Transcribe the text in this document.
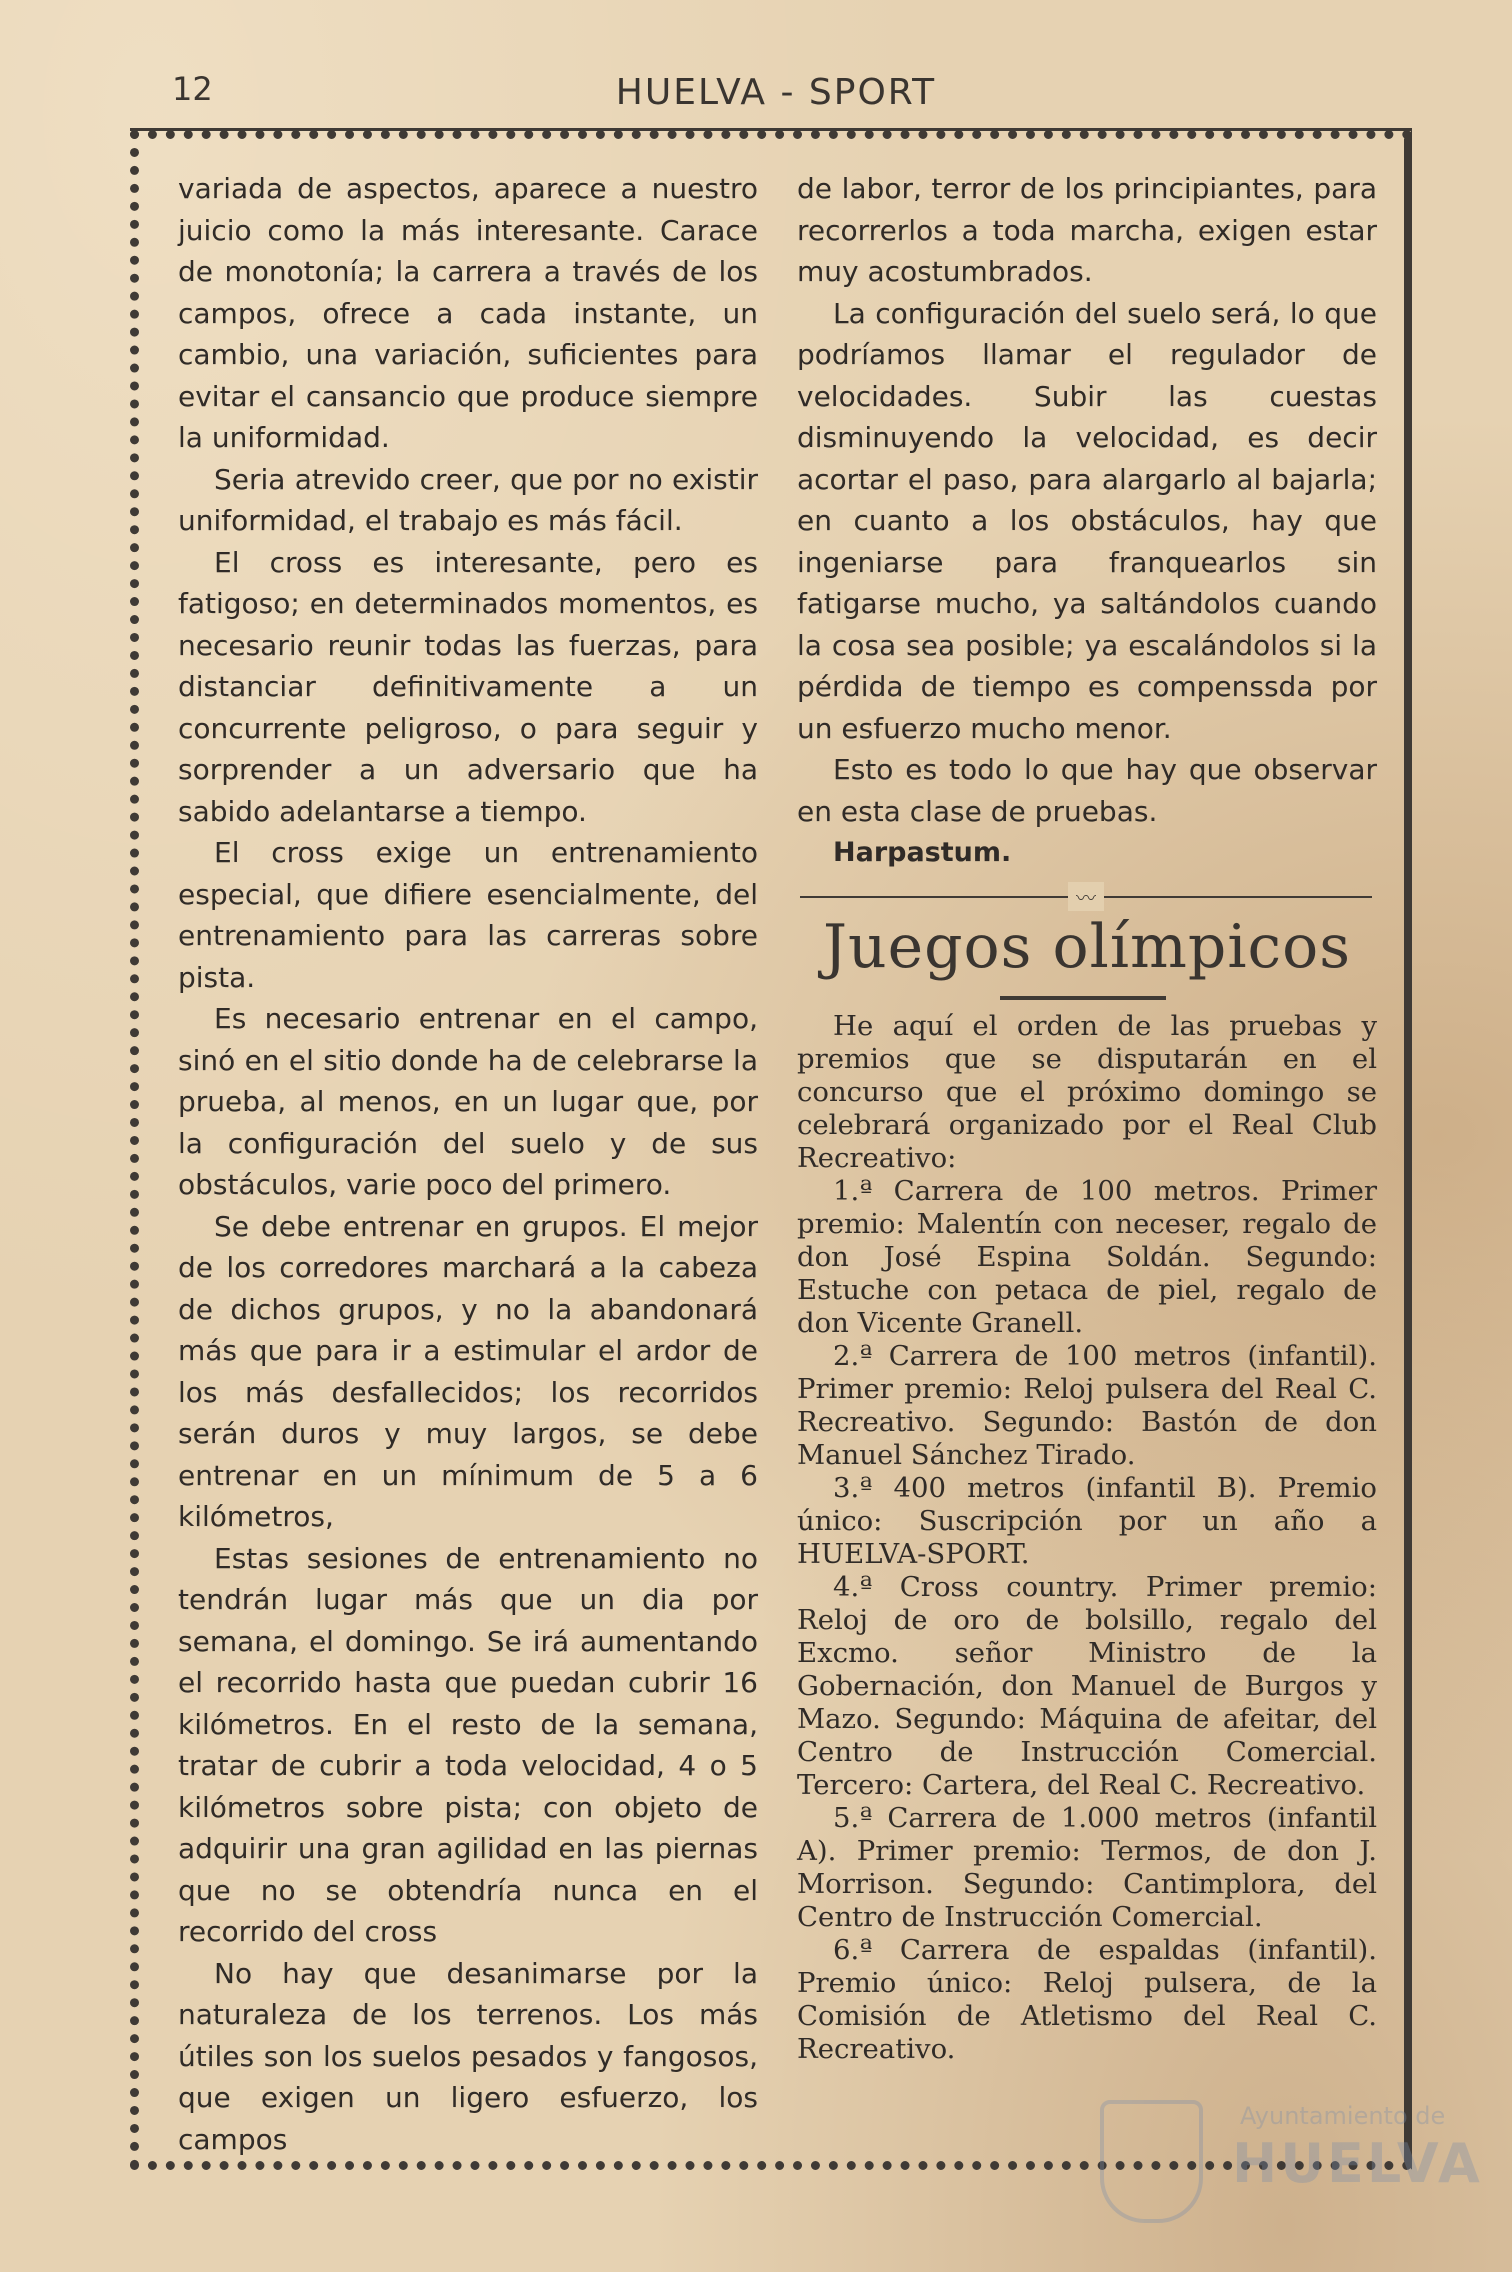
12	HUELVA - SPORT

variada de aspectos, aparece a nuestro juicio como la más interesante. Carace de monotonía; la carrera a través de los campos, ofrece a cada instante, un cambio, una variación, suficientes para evitar el cansancio que produce siempre la uniformidad.

Seria atrevido creer, que por no existir uniformidad, el trabajo es más fácil.

El cross es interesante, pero es fatigoso; en determinados momentos, es necesario reunir todas las fuerzas, para distanciar definitivamente a un concurrente peligroso, o para seguir y sorprender a un adversario que ha sabido adelantarse a tiempo.

El cross exige un entrenamiento especial, que difiere esencialmente, del entrenamiento para las carreras sobre pista.

Es necesario entrenar en el campo, sinó en el sitio donde ha de celebrarse la prueba, al menos, en un lugar que, por la configuración del suelo y de sus obstáculos, varie poco del primero.

Se debe entrenar en grupos. El mejor de los corredores marchará a la cabeza de dichos grupos, y no la abandonará más que para ir a estimular el ardor de los más desfallecidos; los recorridos serán duros y muy largos, se debe entrenar en un mínimum de 5 a 6 kilómetros,

Estas sesiones de entrenamiento no tendrán lugar más que un dia por semana, el domingo. Se irá aumentando el recorrido hasta que puedan cubrir 16 kilómetros. En el resto de la semana, tratar de cubrir a toda velocidad, 4 o 5 kilómetros sobre pista; con objeto de adquirir una gran agilidad en las piernas que no se obtendría nunca en el recorrido del cross

No hay que desanimarse por la naturaleza de los terrenos. Los más útiles son los suelos pesados y fangosos, que exigen un ligero esfuerzo, los campos

de labor, terror de los principiantes, para recorrerlos a toda marcha, exigen estar muy acostumbrados.

La configuración del suelo será, lo que podríamos llamar el regulador de velocidades. Subir las cuestas disminuyendo la velocidad, es decir acortar el paso, para alargarlo al bajarla; en cuanto a los obstáculos, hay que ingeniarse para franquearlos sin fatigarse mucho, ya saltándolos cuando la cosa sea posible; ya escalándolos si la pérdida de tiempo es compenssda por un esfuerzo mucho menor.

Esto es todo lo que hay que observar en esta clase de pruebas.

Harpastum.

〰
Juegos olímpicos

He aquí el orden de las pruebas y premios que se disputarán en el concurso que el próximo domingo se celebrará organizado por el Real Club Recreativo:

1.ª Carrera de 100 metros. Primer premio: Malentín con neceser, regalo de don José Espina Soldán. Segundo: Estuche con petaca de piel, regalo de don Vicente Granell.

2.ª Carrera de 100 metros (infantil). Primer premio: Reloj pulsera del Real C. Recreativo. Segundo: Bastón de don Manuel Sánchez Tirado.

3.ª 400 metros (infantil B). Premio único: Suscripción por un año a HUELVA-SPORT.

4.ª Cross country. Primer premio: Reloj de oro de bolsillo, regalo del Excmo. señor Ministro de la Gobernación, don Manuel de Burgos y Mazo. Segundo: Máquina de afeitar, del Centro de Instrucción Comercial. Tercero: Cartera, del Real C. Recreativo.

5.ª Carrera de 1.000 metros (infantil A). Primer premio: Termos, de don J. Morrison. Segundo: Cantimplora, del Centro de Instrucción Comercial.

6.ª Carrera de espaldas (infantil). Premio único: Reloj pulsera, de la Comisión de Atletismo del Real C. Recreativo.

Ayuntamiento de
HUELVA
